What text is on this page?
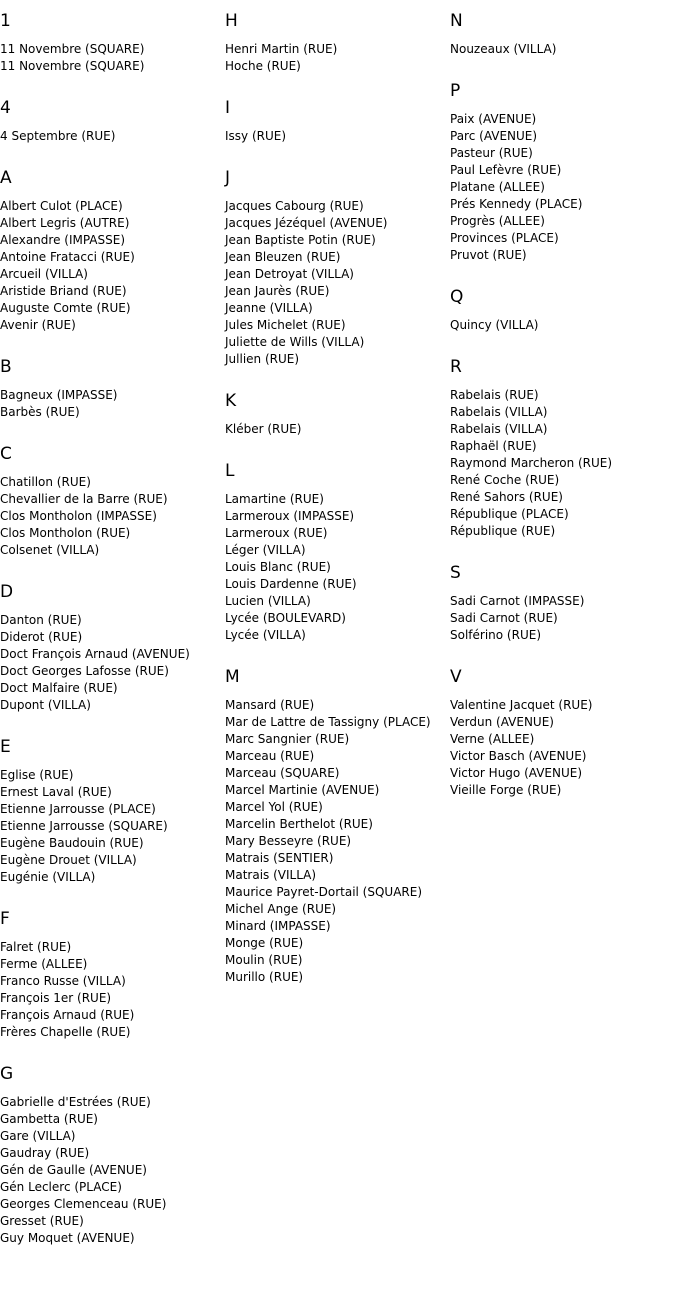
1
11 Novembre (SQUARE)
11 Novembre (SQUARE)
4
4 Septembre (RUE)
A
Albert Culot (PLACE)
Albert Legris (AUTRE)
Alexandre (IMPASSE)
Antoine Fratacci (RUE)
Arcueil (VILLA)
Aristide Briand (RUE)
Auguste Comte (RUE)
Avenir (RUE)
B
Bagneux (IMPASSE)
Barbès (RUE)
C
Chatillon (RUE)
Chevallier de la Barre (RUE)
Clos Montholon (IMPASSE)
Clos Montholon (RUE)
Colsenet (VILLA)
D
Danton (RUE)
Diderot (RUE)
Doct François Arnaud (AVENUE)
Doct Georges Lafosse (RUE)
Doct Malfaire (RUE)
Dupont (VILLA)
E
Eglise (RUE)
Ernest Laval (RUE)
Etienne Jarrousse (PLACE)
Etienne Jarrousse (SQUARE)
Eugène Baudouin (RUE)
Eugène Drouet (VILLA)
Eugénie (VILLA)
F
Falret (RUE)
Ferme (ALLEE)
Franco Russe (VILLA)
François 1er (RUE)
François Arnaud (RUE)
Frères Chapelle (RUE)
G
Gabrielle d'Estrées (RUE)
Gambetta (RUE)
Gare (VILLA)
Gaudray (RUE)
Gén de Gaulle (AVENUE)
Gén Leclerc (PLACE)
Georges Clemenceau (RUE)
Gresset (RUE)
Guy Moquet (AVENUE)
H
Henri Martin (RUE)
Hoche (RUE)
I
Issy (RUE)
J
Jacques Cabourg (RUE)
Jacques Jézéquel (AVENUE)
Jean Baptiste Potin (RUE)
Jean Bleuzen (RUE)
Jean Detroyat (VILLA)
Jean Jaurès (RUE)
Jeanne (VILLA)
Jules Michelet (RUE)
Juliette de Wills (VILLA)
Jullien (RUE)
K
Kléber (RUE)
L
Lamartine (RUE)
Larmeroux (IMPASSE)
Larmeroux (RUE)
Léger (VILLA)
Louis Blanc (RUE)
Louis Dardenne (RUE)
Lucien (VILLA)
Lycée (BOULEVARD)
Lycée (VILLA)
M
Mansard (RUE)
Mar de Lattre de Tassigny (PLACE)
Marc Sangnier (RUE)
Marceau (RUE)
Marceau (SQUARE)
Marcel Martinie (AVENUE)
Marcel Yol (RUE)
Marcelin Berthelot (RUE)
Mary Besseyre (RUE)
Matrais (SENTIER)
Matrais (VILLA)
Maurice Payret-Dortail (SQUARE)
Michel Ange (RUE)
Minard (IMPASSE)
Monge (RUE)
Moulin (RUE)
Murillo (RUE)
N
Nouzeaux (VILLA)
P
Paix (AVENUE)
Parc (AVENUE)
Pasteur (RUE)
Paul Lefèvre (RUE)
Platane (ALLEE)
Prés Kennedy (PLACE)
Progrès (ALLEE)
Provinces (PLACE)
Pruvot (RUE)
Q
Quincy (VILLA)
R
Rabelais (RUE)
Rabelais (VILLA)
Rabelais (VILLA)
Raphaël (RUE)
Raymond Marcheron (RUE)
René Coche (RUE)
René Sahors (RUE)
République (PLACE)
République (RUE)
S
Sadi Carnot (IMPASSE)
Sadi Carnot (RUE)
Solférino (RUE)
V
Valentine Jacquet (RUE)
Verdun (AVENUE)
Verne (ALLEE)
Victor Basch (AVENUE)
Victor Hugo (AVENUE)
Vieille Forge (RUE)
